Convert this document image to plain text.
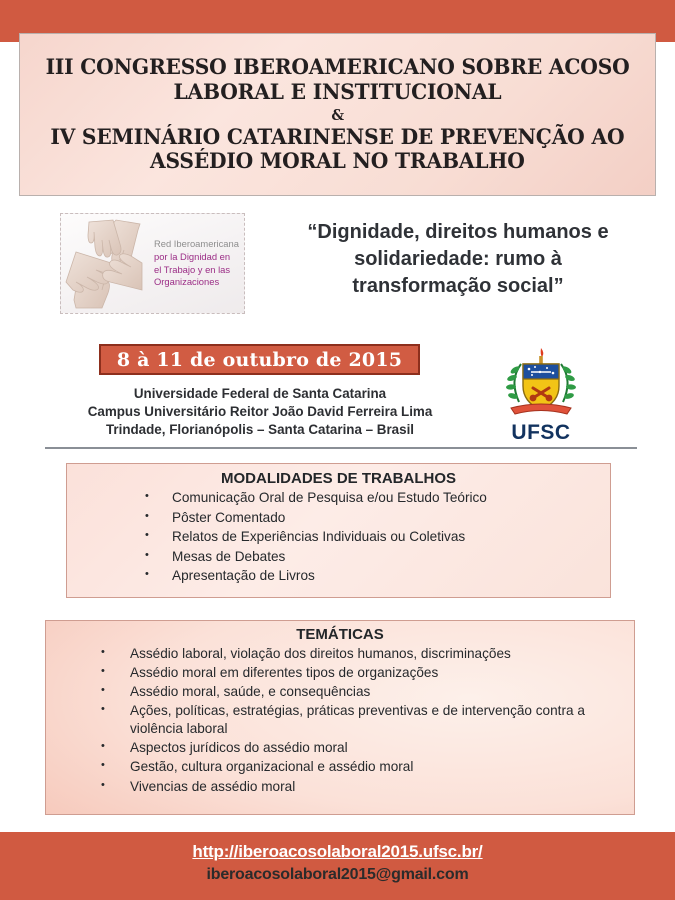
III CONGRESSO IBEROAMERICANO SOBRE ACOSO
LABORAL E INSTITUCIONAL
&
IV SEMINÁRIO CATARINENSE DE PREVENÇÃO AO
ASSÉDIO MORAL NO TRABALHO
Red Iberoamericana
por la Dignidad en
el Trabajo y en las
Organizaciones
“Dignidade, direitos humanos e
solidariedade: rumo à
transformação social”
8 à 11 de outubro de 2015
Universidade Federal de Santa Catarina
Campus Universitário Reitor João David Ferreira Lima
Trindade, Florianópolis – Santa Catarina – Brasil	UFSC
MODALIDADES DE TRABALHOS
• Comunicação Oral de Pesquisa e/ou Estudo Teórico
• Pôster Comentado
• Relatos de Experiências Individuais ou Coletivas
• Mesas de Debates
• Apresentação de Livros
TEMÁTICAS
• Assédio laboral, violação dos direitos humanos, discriminações
• Assédio moral em diferentes tipos de organizações
• Assédio moral, saúde, e consequências
• Ações, políticas, estratégias, práticas preventivas e de intervenção contra a violência laboral
• Aspectos jurídicos do assédio moral
• Gestão, cultura organizacional e assédio moral
• Vivencias de assédio moral
http://iberoacosolaboral2015.ufsc.br/
iberoacosolaboral2015@gmail.com
